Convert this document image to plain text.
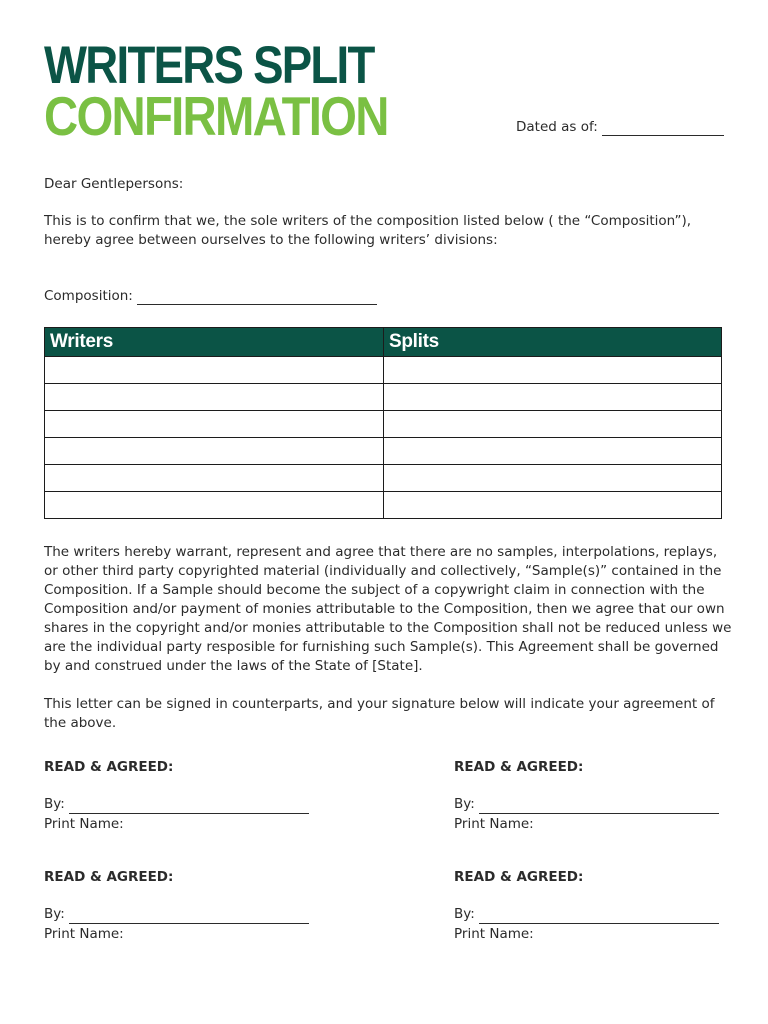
WRITERS SPLIT
CONFIRMATION	Dated as of:

Dear Gentlepersons:

This is to confirm that we, the sole writers of the composition listed below ( the “Composition”), hereby agree between ourselves to the following writers’ divisions:

Composition:
Writers	Splits

The writers hereby warrant, represent and agree that there are no samples, interpolations, replays, or other third party copyrighted material (individually and collectively, “Sample(s)” contained in the Composition. If a Sample should become the subject of a copywright claim in connection with the Composition and/or payment of monies attributable to the Composition, then we agree that our own shares in the copyright and/or monies attributable to the Composition shall not be reduced unless we are the individual party resposible for furnishing such Sample(s). This Agreement shall be governed by and construed under the laws of the State of [State].

This letter can be signed in counterparts, and your signature below will indicate your agreement of the above.

READ & AGREED:
By:
Print Name:
READ & AGREED:
By:
Print Name:
READ & AGREED:
By:
Print Name:
READ & AGREED:
By:
Print Name:
